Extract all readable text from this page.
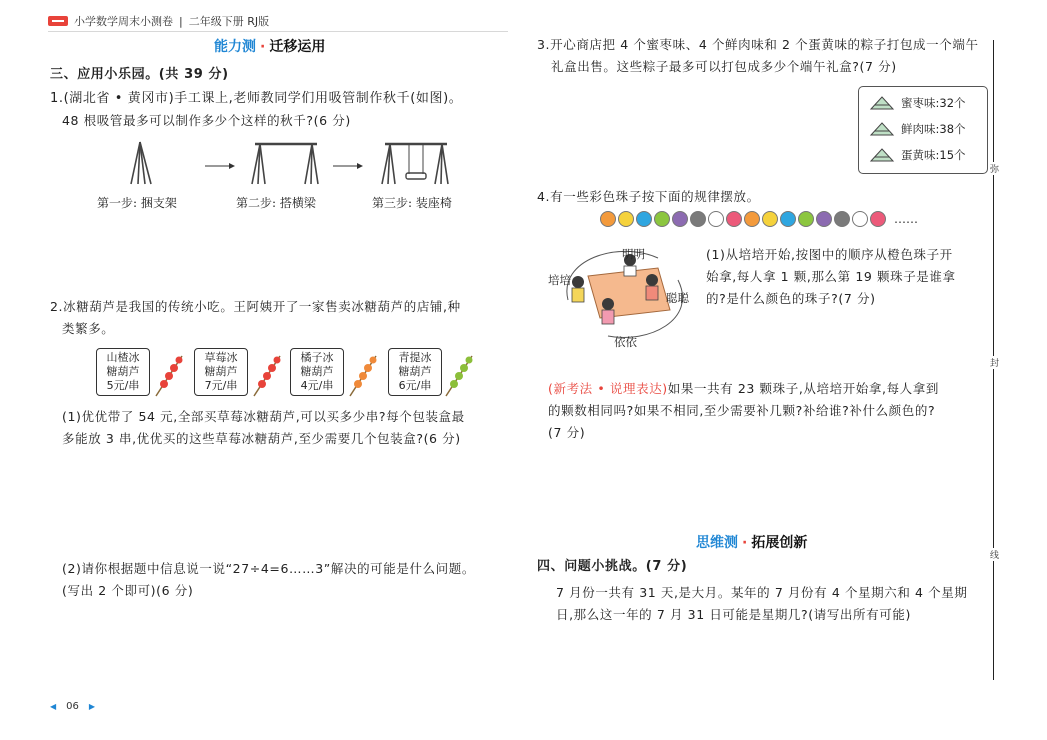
小学数学周末小测卷 | 二年级下册 RJ版
能力测 · 迁移运用
三、应用小乐园。(共 39 分)
1.(湖北省 • 黄冈市)手工课上,老师教同学们用吸管制作秋千(如图)。
48 根吸管最多可以制作多少个这样的秋千?(6 分)
第一步: 捆支架	第二步: 搭横梁	第三步: 装座椅
2.冰糖葫芦是我国的传统小吃。王阿姨开了一家售卖冰糖葫芦的店铺,种
类繁多。
山楂冰
糖葫芦
5元/串
草莓冰
糖葫芦
7元/串
橘子冰
糖葫芦
4元/串
青提冰
糖葫芦
6元/串
(1)优优带了 54 元,全部买草莓冰糖葫芦,可以买多少串?每个包装盒最
多能放 3 串,优优买的这些草莓冰糖葫芦,至少需要几个包装盒?(6 分)
(2)请你根据题中信息说一说“27÷4=6……3”解决的可能是什么问题。
(写出 2 个即可)(6 分)
3.开心商店把 4 个蜜枣味、4 个鲜肉味和 2 个蛋黄味的粽子打包成一个端午
礼盒出售。这些粽子最多可以打包成多少个端午礼盒?(7 分)
蜜枣味:32个
鲜肉味:38个
蛋黄味:15个
4.有一些彩色珠子按下面的规律摆放。
……
明明
培培
聪聪
依依
(1)从培培开始,按图中的顺序从橙色珠子开
始拿,每人拿 1 颗,那么第 19 颗珠子是谁拿
的?是什么颜色的珠子?(7 分)
(新考法 • 说理表达)如果一共有 23 颗珠子,从培培开始拿,每人拿到
的颗数相同吗?如果不相同,至少需要补几颗?补给谁?补什么颜色的?
(7 分)
思维测 · 拓展创新
四、问题小挑战。(7 分)
7 月份一共有 31 天,是大月。某年的 7 月份有 4 个星期六和 4 个星期
日,那么这一年的 7 月 31 日可能是星期几?(请写出所有可能)
弥
封
线
◀ 06 ▶
